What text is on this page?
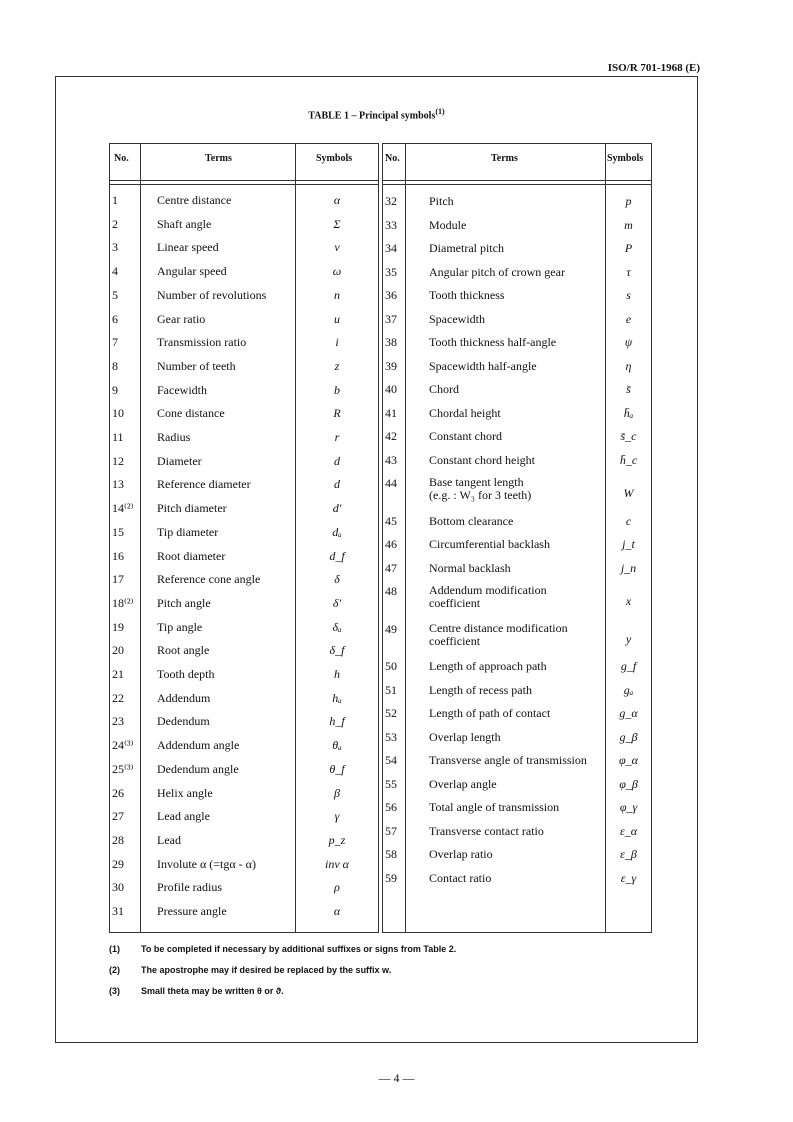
ISO/R 701-1968 (E)
TABLE 1 – Principal symbols$^{(1)}$
No.	Terms	Symbols
1	Centre distance	α
2	Shaft angle	Σ
3	Linear speed	v
4	Angular speed	ω
5	Number of revolutions	n
6	Gear ratio	u
7	Transmission ratio	i
8	Number of teeth	z
9	Facewidth	b
10	Cone distance	R
11	Radius	r
12	Diameter	d
13	Reference diameter	d
14⁽²⁾	Pitch diameter	d'
15	Tip diameter	dₐ
16	Root diameter	d_f
17	Reference cone angle	δ
18⁽²⁾	Pitch angle	δ'
19	Tip angle	δₐ
20	Root angle	δ_f
21	Tooth depth	h
22	Addendum	hₐ
23	Dedendum	h_f
24⁽³⁾	Addendum angle	θₐ
25⁽³⁾	Dedendum angle	θ_f
26	Helix angle	β
27	Lead angle	γ
28	Lead	p_z
29	Involute α (=tgα - α)	inv α
30	Profile radius	ρ
31	Pressure angle	α
No.	Terms	Symbols
32	Pitch	p
33	Module	m
34	Diametral pitch	P
35	Angular pitch of crown gear	τ
36	Tooth thickness	s
37	Spacewidth	e
38	Tooth thickness half-angle	ψ
39	Spacewidth half-angle	η
40	Chord	s̄
41	Chordal height	h̄ₐ
42	Constant chord	s̄_c
43	Constant chord height	h̄_c
44	Base tangent length
(e.g. : W₃ for 3 teeth)	W
45	Bottom clearance	c
46	Circumferential backlash	j_t
47	Normal backlash	j_n
48	Addendum modification
coefficient	x
49	Centre distance modification
coefficient	y
50	Length of approach path	g_f
51	Length of recess path	gₐ
52	Length of path of contact	g_α
53	Overlap length	g_β
54	Transverse angle of transmission	φ_α
55	Overlap angle	φ_β
56	Total angle of transmission	φ_γ
57	Transverse contact ratio	ε_α
58	Overlap ratio	ε_β
59	Contact ratio	ε_γ
(1)	To be completed if necessary by additional suffixes or signs from Table 2.
(2)	The apostrophe may if desired be replaced by the suffix w.
(3)	Small theta may be written θ or ϑ.
— 4 —
